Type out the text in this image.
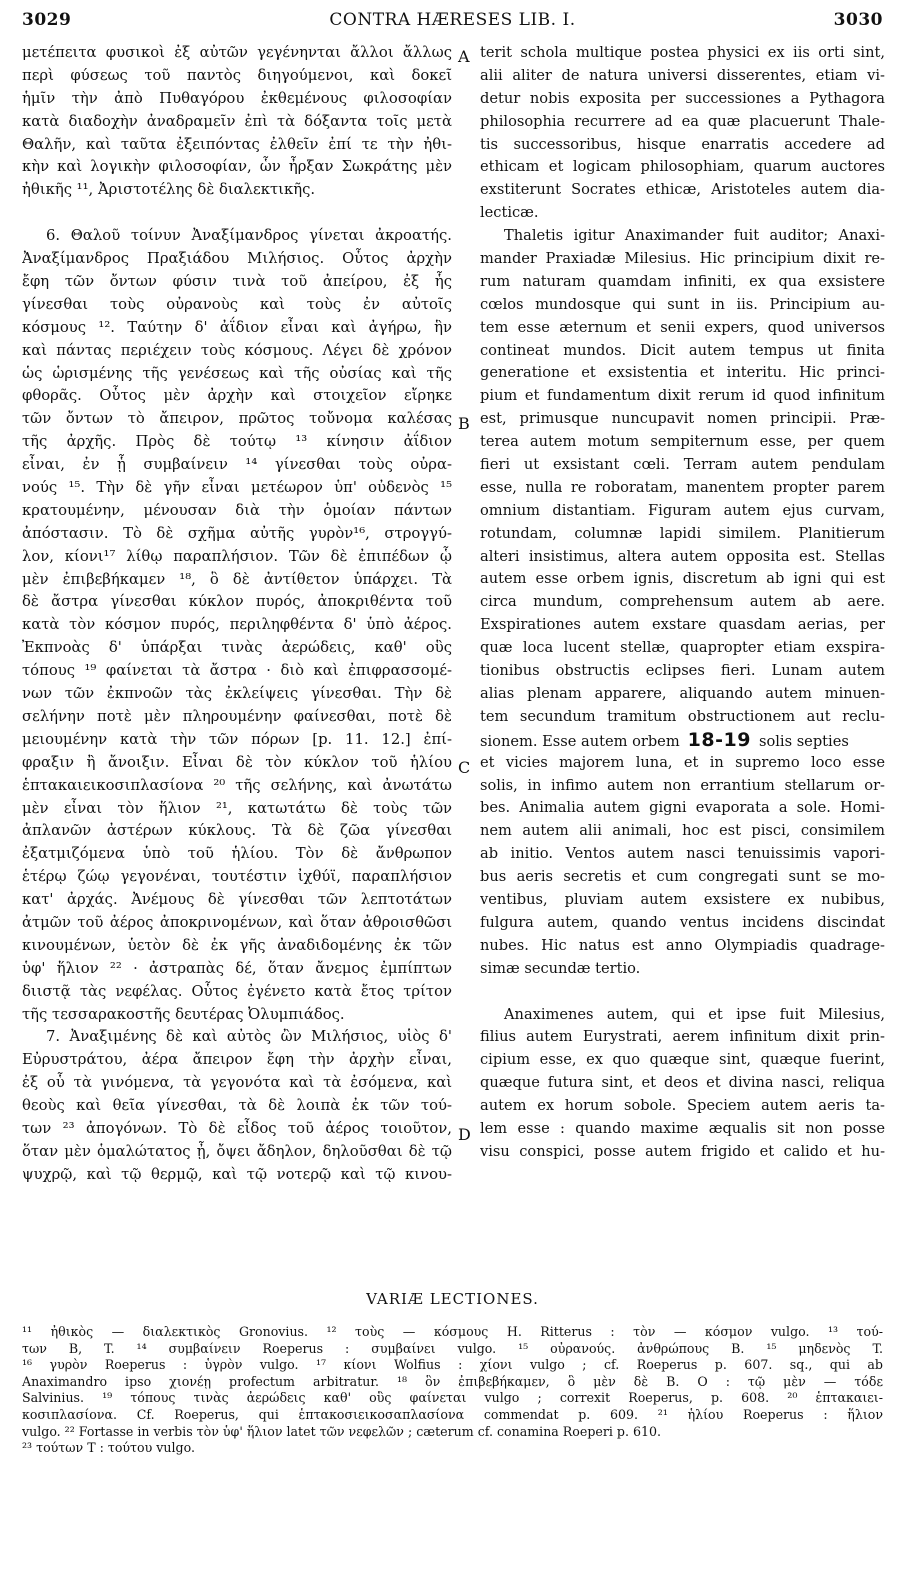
3029	CONTRA HÆRESES LIB. I.	3030
μετέπειτα φυσικοὶ ἐξ αὐτῶν γεγένηνται ἄλλοι ἄλλως
περὶ φύσεως τοῦ παντὸς διηγούμενοι, καὶ δοκεῖ
ἡμῖν τὴν ἀπὸ Πυθαγόρου ἐκθεμένους φιλοσοφίαν
κατὰ διαδοχὴν ἀναδραμεῖν ἐπὶ τὰ δόξαντα τοῖς μετὰ
Θαλῆν, καὶ ταῦτα ἐξειπόντας ἐλθεῖν ἐπί τε τὴν ἠθι-
κὴν καὶ λογικὴν φιλοσοφίαν, ὧν ἦρξαν Σωκράτης μὲν
ἠθικῆς ¹¹, Ἀριστοτέλης δὲ διαλεκτικῆς.
6. Θαλοῦ τοίνυν Ἀναξίμανδρος γίνεται ἀκροατής.
Ἀναξίμανδρος Πραξιάδου Μιλήσιος. Οὗτος ἀρχὴν
ἔφη τῶν ὄντων φύσιν τινὰ τοῦ ἀπείρου, ἐξ ἧς
γίνεσθαι τοὺς οὐρανοὺς καὶ τοὺς ἐν αὐτοῖς
κόσμους ¹². Ταύτην δ' ἀΐδιον εἶναι καὶ ἀγήρω, ἣν
καὶ πάντας περιέχειν τοὺς κόσμους. Λέγει δὲ χρόνον
ὡς ὡρισμένης τῆς γενέσεως καὶ τῆς οὐσίας καὶ τῆς
φθορᾶς. Οὗτος μὲν ἀρχὴν καὶ στοιχεῖον εἴρηκε
τῶν ὄντων τὸ ἄπειρον, πρῶτος τοὔνομα καλέσας
τῆς ἀρχῆς. Πρὸς δὲ τούτῳ ¹³ κίνησιν ἀΐδιον
εἶναι, ἐν ᾗ συμβαίνειν ¹⁴ γίνεσθαι τοὺς οὐρα-
νούς ¹⁵. Τὴν δὲ γῆν εἶναι μετέωρον ὑπ' οὐδενὸς ¹⁵
κρατουμένην, μένουσαν διὰ τὴν ὁμοίαν πάντων
ἀπόστασιν. Τὸ δὲ σχῆμα αὐτῆς γυρὸν¹⁶, στρογγύ-
λον, κίονι¹⁷ λίθῳ παραπλήσιον. Τῶν δὲ ἐπιπέδων ᾧ
μὲν ἐπιβεβήκαμεν ¹⁸, ὃ δὲ ἀντίθετον ὑπάρχει. Τὰ
δὲ ἄστρα γίνεσθαι κύκλον πυρός, ἀποκριθέντα τοῦ
κατὰ τὸν κόσμον πυρός, περιληφθέντα δ' ὑπὸ ἀέρος.
Ἐκπνοὰς δ' ὑπάρξαι τινὰς ἀερώδεις, καθ' οὓς
τόπους ¹⁹ φαίνεται τὰ ἄστρα · διὸ καὶ ἐπιφρασσομέ-
νων τῶν ἐκπνοῶν τὰς ἐκλείψεις γίνεσθαι. Τὴν δὲ
σελήνην ποτὲ μὲν πληρουμένην φαίνεσθαι, ποτὲ δὲ
μειουμένην κατὰ τὴν τῶν πόρων [p. 11. 12.] ἐπί-
φραξιν ἢ ἄνοιξιν. Εἶναι δὲ τὸν κύκλον τοῦ ἡλίου
ἑπτακαιεικοσιπλασίονα ²⁰ τῆς σελήνης, καὶ ἀνωτάτω
μὲν εἶναι τὸν ἥλιον ²¹, κατωτάτω δὲ τοὺς τῶν
ἀπλανῶν ἀστέρων κύκλους. Τὰ δὲ ζῶα γίνεσθαι
ἐξατμιζόμενα ὑπὸ τοῦ ἡλίου. Τὸν δὲ ἄνθρωπον
ἑτέρῳ ζώῳ γεγονέναι, τουτέστιν ἰχθύϊ, παραπλήσιον
κατ' ἀρχάς. Ἀνέμους δὲ γίνεσθαι τῶν λεπτοτάτων
ἀτμῶν τοῦ ἀέρος ἀποκρινομένων, καὶ ὅταν ἀθροισθῶσι
κινουμένων, ὑετὸν δὲ ἐκ γῆς ἀναδιδομένης ἐκ τῶν
ὑφ' ἥλιον ²² · ἀστραπὰς δέ, ὅταν ἄνεμος ἐμπίπτων
διιστᾷ τὰς νεφέλας. Οὗτος ἐγένετο κατὰ ἔτος τρίτον
τῆς τεσσαρακοστῆς δευτέρας Ὀλυμπιάδος.
7. Ἀναξιμένης δὲ καὶ αὐτὸς ὢν Μιλήσιος, υἱὸς δ'
Εὐρυστράτου, ἀέρα ἄπειρον ἔφη τὴν ἀρχὴν εἶναι,
ἐξ οὗ τὰ γινόμενα, τὰ γεγονότα καὶ τὰ ἐσόμενα, καὶ
θεοὺς καὶ θεῖα γίνεσθαι, τὰ δὲ λοιπὰ ἐκ τῶν τού-
των ²³ ἀπογόνων. Τὸ δὲ εἶδος τοῦ ἀέρος τοιοῦτον,
ὅταν μὲν ὁμαλώτατος ᾖ, ὄψει ἄδηλον, δηλοῦσθαι δὲ τῷ
ψυχρῷ, καὶ τῷ θερμῷ, καὶ τῷ νοτερῷ καὶ τῷ κινου-
terit schola multique postea physici ex iis orti sint,
alii aliter de natura universi disserentes, etiam vi-
detur nobis exposita per successiones a Pythagora
philosophia recurrere ad ea quæ placuerunt Thale-
tis successoribus, hisque enarratis accedere ad
ethicam et logicam philosophiam, quarum auctores
exstiterunt Socrates ethicæ, Aristoteles autem dia-
lecticæ.
Thaletis igitur Anaximander fuit auditor; Anaxi-
mander Praxiadæ Milesius. Hic principium dixit re-
rum naturam quamdam infiniti, ex qua exsistere
cœlos mundosque qui sunt in iis. Principium au-
tem esse æternum et senii expers, quod universos
contineat mundos. Dicit autem tempus ut finita
generatione et exsistentia et interitu. Hic princi-
pium et fundamentum dixit rerum id quod infinitum
est, primusque nuncupavit nomen principii. Præ-
terea autem motum sempiternum esse, per quem
fieri ut exsistant cœli. Terram autem pendulam
esse, nulla re roboratam, manentem propter parem
omnium distantiam. Figuram autem ejus curvam,
rotundam, columnæ lapidi similem. Planitierum
alteri insistimus, altera autem opposita est. Stellas
autem esse orbem ignis, discretum ab igni qui est
circa mundum, comprehensum autem ab aere.
Exspirationes autem exstare quasdam aerias, per
quæ loca lucent stellæ, quapropter etiam exspira-
tionibus obstructis eclipses fieri. Lunam autem
alias plenam apparere, aliquando autem minuen-
tem secundum tramitum obstructionem aut reclu-
sionem. Esse autem orbem 18-19 solis septies
et vicies majorem luna, et in supremo loco esse
solis, in infimo autem non errantium stellarum or-
bes. Animalia autem gigni evaporata a sole. Homi-
nem autem alii animali, hoc est pisci, consimilem
ab initio. Ventos autem nasci tenuissimis vapori-
bus aeris secretis et cum congregati sunt se mo-
ventibus, pluviam autem exsistere ex nubibus,
fulgura autem, quando ventus incidens discindat
nubes. Hic natus est anno Olympiadis quadrage-
simæ secundæ tertio.
Anaximenes autem, qui et ipse fuit Milesius,
filius autem Eurystrati, aerem infinitum dixit prin-
cipium esse, ex quo quæque sint, quæque fuerint,
quæque futura sint, et deos et divina nasci, reliqua
autem ex horum sobole. Speciem autem aeris ta-
lem esse : quando maxime æqualis sit non posse
visu conspici, posse autem frigido et calido et hu-
A
B
C
D
VARIÆ LECTIONES.
¹¹ ἠθικὸς — διαλεκτικὸς Gronovius. ¹² τοὺς — κόσμους H. Ritterus : τὸν — κόσμον vulgo. ¹³ τού-
των B, T. ¹⁴ συμβαίνειν Roeperus : συμβαίνει vulgo. ¹⁵ οὐρανούς. ἀνθρώπους B. ¹⁵ μηδενὸς T.
¹⁶ γυρὸν Roeperus : ὑγρὸν vulgo. ¹⁷ κίονι Wolfius : χίονι vulgo ; cf. Roeperus p. 607. sq., qui ab
Anaximandro ipso χιονέῃ profectum arbitratur. ¹⁸ ὃν ἐπιβεβήκαμεν, ὃ μὲν δὲ B. O : τῷ μὲν — τόδε
Salvinius. ¹⁹ τόπους τινὰς ἀερώδεις καθ' οὓς φαίνεται vulgo ; correxit Roeperus, p. 608. ²⁰ ἑπτακαιει-
κοσιπλασίονα. Cf. Roeperus, qui ἑπτακοσιεικοσαπλασίονα commendat p. 609. ²¹ ἡλίου Roeperus : ἥλιον
vulgo. ²² Fortasse in verbis τὸν ὑφ' ἥλιον latet τῶν νεφελῶν ; cæterum cf. conamina Roeperi p. 610.
²³ τούτων T : τούτου vulgo.
